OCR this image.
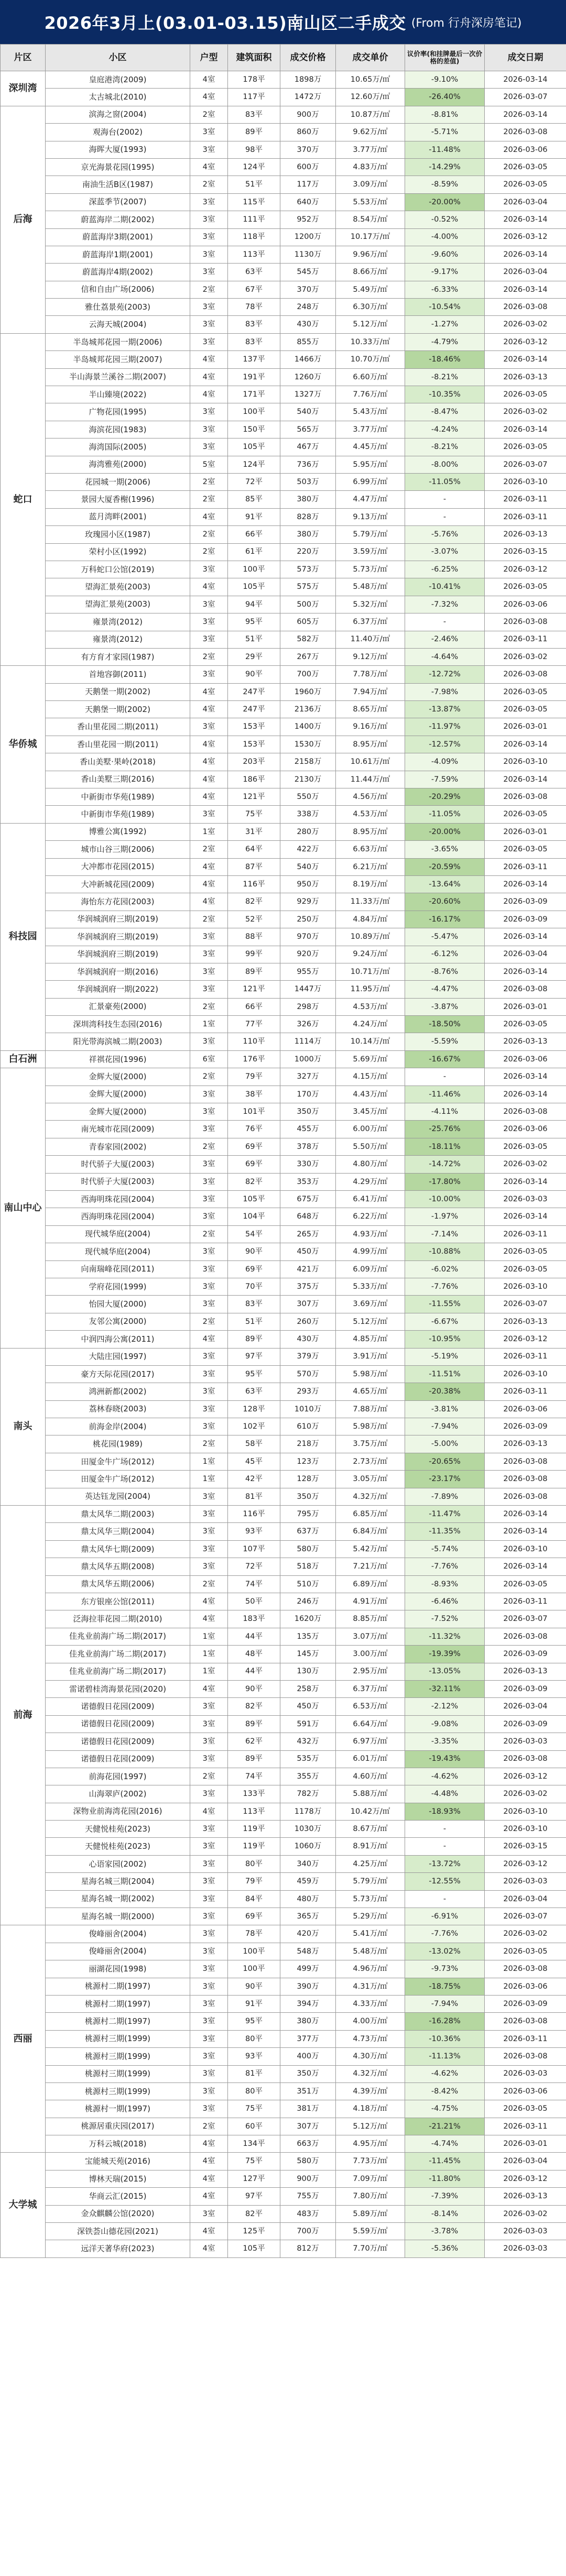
2026年3月上(03.01-03.15)南山区二手成交 (From 行舟深房笔记)
片区	小区	户型	建筑面积	成交价格	成交单价	议价率(和挂牌最后一次价格的差值)	成交日期
深圳湾	皇庭港湾(2009)	4室	178平	1898万	10.65万/㎡	-9.10%	2026-03-14
	太古城北(2010)	4室	117平	1472万	12.60万/㎡	-26.40%	2026-03-07
后海	滨海之窗(2004)	2室	83平	900万	10.87万/㎡	-8.81%	2026-03-14
	观海台(2002)	3室	89平	860万	9.62万/㎡	-5.71%	2026-03-08
	海晖大厦(1993)	3室	98平	370万	3.77万/㎡	-11.48%	2026-03-06
	京光海景花园(1995)	4室	124平	600万	4.83万/㎡	-14.29%	2026-03-05
	南油生活B区(1987)	2室	51平	117万	3.09万/㎡	-8.59%	2026-03-05
	深蓝季节(2007)	3室	115平	640万	5.53万/㎡	-20.00%	2026-03-04
	蔚蓝海岸二期(2002)	3室	111平	952万	8.54万/㎡	-0.52%	2026-03-14
	蔚蓝海岸3期(2001)	3室	118平	1200万	10.17万/㎡	-4.00%	2026-03-12
	蔚蓝海岸1期(2001)	3室	113平	1130万	9.96万/㎡	-9.60%	2026-03-14
	蔚蓝海岸4期(2002)	3室	63平	545万	8.66万/㎡	-9.17%	2026-03-04
	信和自由广场(2006)	2室	67平	370万	5.49万/㎡	-6.33%	2026-03-14
	雅仕荔景苑(2003)	3室	78平	248万	6.30万/㎡	-10.54%	2026-03-08
	云海天城(2004)	3室	83平	430万	5.12万/㎡	-1.27%	2026-03-02
蛇口	半岛城邦花园一期(2006)	3室	83平	855万	10.33万/㎡	-4.79%	2026-03-12
	半岛城邦花园三期(2007)	4室	137平	1466万	10.70万/㎡	-18.46%	2026-03-14
	半山海景兰溪谷二期(2007)	4室	191平	1260万	6.60万/㎡	-8.21%	2026-03-13
	半山臻境(2022)	4室	171平	1327万	7.76万/㎡	-10.35%	2026-03-05
	广物花园(1995)	3室	100平	540万	5.43万/㎡	-8.47%	2026-03-02
	海滨花园(1983)	3室	150平	565万	3.77万/㎡	-4.24%	2026-03-14
	海湾国际(2005)	3室	105平	467万	4.45万/㎡	-8.21%	2026-03-05
	海湾雅苑(2000)	5室	124平	736万	5.95万/㎡	-8.00%	2026-03-07
	花园城一期(2006)	2室	72平	503万	6.99万/㎡	-11.05%	2026-03-10
	景园大厦香榭(1996)	2室	85平	380万	4.47万/㎡	-	2026-03-11
	蓝月湾畔(2001)	4室	91平	828万	9.13万/㎡	-	2026-03-11
	玫瑰园小区(1987)	2室	66平	380万	5.79万/㎡	-5.76%	2026-03-13
	荣村小区(1992)	2室	61平	220万	3.59万/㎡	-3.07%	2026-03-15
	万科蛇口公馆(2019)	3室	100平	573万	5.73万/㎡	-6.25%	2026-03-12
	望海汇景苑(2003)	4室	105平	575万	5.48万/㎡	-10.41%	2026-03-05
	望海汇景苑(2003)	3室	94平	500万	5.32万/㎡	-7.32%	2026-03-06
	雍景湾(2012)	3室	95平	605万	6.37万/㎡	-	2026-03-08
	雍景湾(2012)	3室	51平	582万	11.40万/㎡	-2.46%	2026-03-11
	有方育才家园(1987)	2室	29平	267万	9.12万/㎡	-4.64%	2026-03-02
华侨城	首地容御(2011)	3室	90平	700万	7.78万/㎡	-12.72%	2026-03-08
	天鹅堡一期(2002)	4室	247平	1960万	7.94万/㎡	-7.98%	2026-03-05
	天鹅堡一期(2002)	4室	247平	2136万	8.65万/㎡	-13.87%	2026-03-05
	香山里花园二期(2011)	3室	153平	1400万	9.16万/㎡	-11.97%	2026-03-01
	香山里花园一期(2011)	4室	153平	1530万	8.95万/㎡	-12.57%	2026-03-14
	香山美墅·果岭(2018)	4室	203平	2158万	10.61万/㎡	-4.09%	2026-03-10
	香山美墅三期(2016)	4室	186平	2130万	11.44万/㎡	-7.59%	2026-03-14
	中新街市华苑(1989)	4室	121平	550万	4.56万/㎡	-20.29%	2026-03-08
	中新街市华苑(1989)	3室	75平	338万	4.53万/㎡	-11.05%	2026-03-05
科技园	博雅公寓(1992)	1室	31平	280万	8.95万/㎡	-20.00%	2026-03-01
	城市山谷三期(2006)	2室	64平	422万	6.63万/㎡	-3.65%	2026-03-05
	大冲都市花园(2015)	4室	87平	540万	6.21万/㎡	-20.59%	2026-03-11
	大冲新城花园(2009)	4室	116平	950万	8.19万/㎡	-13.64%	2026-03-14
	海怡东方花园(2003)	4室	82平	929万	11.33万/㎡	-20.60%	2026-03-09
	华润城润府三期(2019)	2室	52平	250万	4.84万/㎡	-16.17%	2026-03-09
	华润城润府三期(2019)	3室	88平	970万	10.89万/㎡	-5.47%	2026-03-14
	华润城润府三期(2019)	3室	99平	920万	9.24万/㎡	-6.12%	2026-03-04
	华润城润府一期(2016)	3室	89平	955万	10.71万/㎡	-8.76%	2026-03-14
	华润城润府一期(2022)	3室	121平	1447万	11.95万/㎡	-4.47%	2026-03-08
	汇景豪苑(2000)	2室	66平	298万	4.53万/㎡	-3.87%	2026-03-01
	深圳湾科技生态园(2016)	1室	77平	326万	4.24万/㎡	-18.50%	2026-03-05
	阳光带海滨城二期(2003)	3室	110平	1114万	10.14万/㎡	-5.59%	2026-03-13
白石洲	祥祺花园(1996)	6室	176平	1000万	5.69万/㎡	-16.67%	2026-03-06
南山中心	金辉大厦(2000)	2室	79平	327万	4.15万/㎡	-	2026-03-14
	金辉大厦(2000)	3室	38平	170万	4.43万/㎡	-11.46%	2026-03-14
	金辉大厦(2000)	3室	101平	350万	3.45万/㎡	-4.11%	2026-03-08
	南光城市花园(2009)	3室	76平	455万	6.00万/㎡	-25.76%	2026-03-06
	青春家园(2002)	2室	69平	378万	5.50万/㎡	-18.11%	2026-03-05
	时代骄子大厦(2003)	3室	69平	330万	4.80万/㎡	-14.72%	2026-03-02
	时代骄子大厦(2003)	3室	82平	353万	4.29万/㎡	-17.80%	2026-03-14
	西海明珠花园(2004)	3室	105平	675万	6.41万/㎡	-10.00%	2026-03-03
	西海明珠花园(2004)	3室	104平	648万	6.22万/㎡	-1.97%	2026-03-14
	现代城华庭(2004)	2室	54平	265万	4.93万/㎡	-7.14%	2026-03-11
	现代城华庭(2004)	3室	90平	450万	4.99万/㎡	-10.88%	2026-03-05
	向南瑞峰花园(2011)	3室	69平	421万	6.09万/㎡	-6.02%	2026-03-05
	学府花园(1999)	3室	70平	375万	5.33万/㎡	-7.76%	2026-03-10
	怡园大厦(2000)	3室	83平	307万	3.69万/㎡	-11.55%	2026-03-07
	友邻公寓(2000)	2室	51平	260万	5.12万/㎡	-6.67%	2026-03-13
	中润四海公寓(2011)	4室	89平	430万	4.85万/㎡	-10.95%	2026-03-12
南头	大陆庄园(1997)	3室	97平	379万	3.91万/㎡	-5.19%	2026-03-11
	豪方天际花园(2017)	3室	95平	570万	5.98万/㎡	-11.51%	2026-03-10
	鸿洲新都(2002)	3室	63平	293万	4.65万/㎡	-20.38%	2026-03-11
	荔林春晓(2003)	3室	128平	1010万	7.88万/㎡	-3.81%	2026-03-06
	前海金岸(2004)	3室	102平	610万	5.98万/㎡	-7.94%	2026-03-09
	桃花园(1989)	2室	58平	218万	3.75万/㎡	-5.00%	2026-03-13
	田厦金牛广场(2012)	1室	45平	123万	2.73万/㎡	-20.65%	2026-03-08
	田厦金牛广场(2012)	1室	42平	128万	3.05万/㎡	-23.17%	2026-03-08
	英达钰龙园(2004)	3室	81平	350万	4.32万/㎡	-7.89%	2026-03-08
前海	鼎太风华二期(2003)	3室	116平	795万	6.85万/㎡	-11.47%	2026-03-14
	鼎太风华三期(2004)	3室	93平	637万	6.84万/㎡	-11.35%	2026-03-14
	鼎太风华七期(2009)	3室	107平	580万	5.42万/㎡	-5.74%	2026-03-10
	鼎太风华五期(2008)	3室	72平	518万	7.21万/㎡	-7.76%	2026-03-14
	鼎太风华五期(2006)	2室	74平	510万	6.89万/㎡	-8.93%	2026-03-05
	东方银座公馆(2011)	4室	50平	246万	4.91万/㎡	-6.46%	2026-03-11
	泛海拉菲花园二期(2010)	4室	183平	1620万	8.85万/㎡	-7.52%	2026-03-07
	佳兆业前海广场二期(2017)	1室	44平	135万	3.07万/㎡	-11.32%	2026-03-08
	佳兆业前海广场二期(2017)	1室	48平	145万	3.00万/㎡	-19.39%	2026-03-09
	佳兆业前海广场二期(2017)	1室	44平	130万	2.95万/㎡	-13.05%	2026-03-13
	雷诺碧桂湾海景花园(2020)	4室	90平	258万	6.37万/㎡	-32.11%	2026-03-09
	诺德假日花园(2009)	3室	82平	450万	6.53万/㎡	-2.12%	2026-03-04
	诺德假日花园(2009)	3室	89平	591万	6.64万/㎡	-9.08%	2026-03-09
	诺德假日花园(2009)	3室	62平	432万	6.97万/㎡	-3.35%	2026-03-03
	诺德假日花园(2009)	3室	89平	535万	6.01万/㎡	-19.43%	2026-03-08
	前海花园(1997)	2室	74平	355万	4.60万/㎡	-4.62%	2026-03-12
	山海翠庐(2002)	3室	133平	782万	5.88万/㎡	-4.48%	2026-03-02
	深物业前海湾花园(2016)	4室	113平	1178万	10.42万/㎡	-18.93%	2026-03-10
	天健悦桂苑(2023)	3室	119平	1030万	8.67万/㎡	-	2026-03-10
	天健悦桂苑(2023)	3室	119平	1060万	8.91万/㎡	-	2026-03-15
	心语家园(2002)	3室	80平	340万	4.25万/㎡	-13.72%	2026-03-12
	星海名城三期(2004)	3室	79平	459万	5.79万/㎡	-12.55%	2026-03-03
	星海名城一期(2002)	3室	84平	480万	5.73万/㎡	-	2026-03-04
	星海名城一期(2000)	3室	69平	365万	5.29万/㎡	-6.91%	2026-03-07
西丽	俊峰丽舍(2004)	3室	78平	420万	5.41万/㎡	-7.76%	2026-03-02
	俊峰丽舍(2004)	3室	100平	548万	5.48万/㎡	-13.02%	2026-03-05
	丽湖花园(1998)	3室	100平	499万	4.96万/㎡	-9.73%	2026-03-08
	桃源村二期(1997)	3室	90平	390万	4.31万/㎡	-18.75%	2026-03-06
	桃源村二期(1997)	3室	91平	394万	4.33万/㎡	-7.94%	2026-03-09
	桃源村二期(1997)	3室	95平	380万	4.00万/㎡	-16.28%	2026-03-08
	桃源村三期(1999)	3室	80平	377万	4.73万/㎡	-10.36%	2026-03-11
	桃源村三期(1999)	3室	93平	400万	4.30万/㎡	-11.13%	2026-03-08
	桃源村三期(1999)	3室	81平	350万	4.32万/㎡	-4.62%	2026-03-03
	桃源村三期(1999)	3室	80平	351万	4.39万/㎡	-8.42%	2026-03-06
	桃源村一期(1997)	3室	75平	381万	4.18万/㎡	-4.75%	2026-03-05
	桃源居重庆园(2017)	2室	60平	307万	5.12万/㎡	-21.21%	2026-03-11
	万科云城(2018)	4室	134平	663万	4.95万/㎡	-4.74%	2026-03-01
大学城	宝能城天苑(2016)	4室	75平	580万	7.73万/㎡	-11.45%	2026-03-04
	博林天瑞(2015)	4室	127平	900万	7.09万/㎡	-11.80%	2026-03-12
	华商云汇(2015)	4室	97平	755万	7.80万/㎡	-7.39%	2026-03-13
	金众麒麟公馆(2020)	3室	82平	483万	5.89万/㎡	-8.14%	2026-03-02
	深铁荟山德花园(2021)	4室	125平	700万	5.59万/㎡	-3.78%	2026-03-03
	远洋天著华府(2023)	4室	105平	812万	7.70万/㎡	-5.36%	2026-03-03
